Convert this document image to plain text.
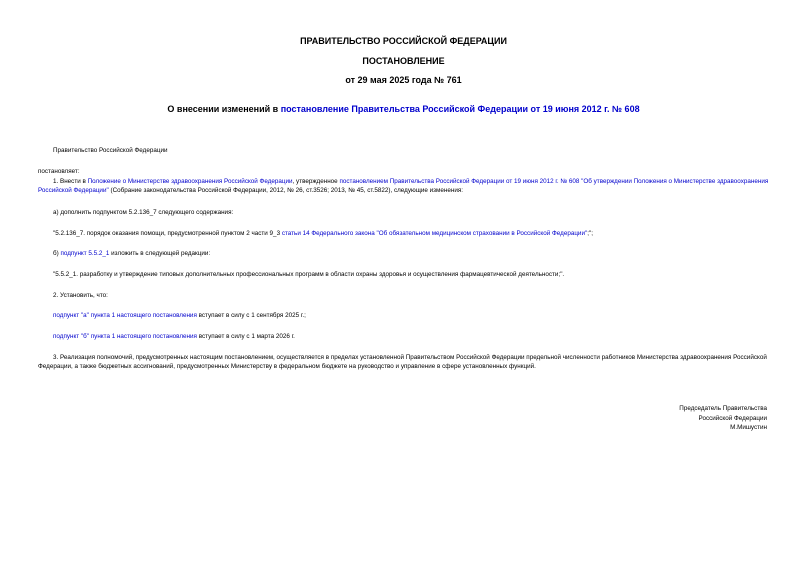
ПРАВИТЕЛЬСТВО РОССИЙСКОЙ ФЕДЕРАЦИИ
ПОСТАНОВЛЕНИЕ
от 29 мая 2025 года № 761
О внесении изменений в постановление Правительства Российской Федерации от 19 июня 2012 г. № 608
Правительство Российской Федерации
постановляет:
1. Внести в Положение о Министерстве здравоохранения Российской Федерации, утвержденное постановлением Правительства Российской Федерации от 19 июня 2012 г. № 608 "Об утверждении Положения о Министерстве здравоохранения Российской Федерации" (Собрание законодательства Российской Федерации, 2012, № 26, ст.3526; 2013, № 45, ст.5822), следующие изменения:
а) дополнить подпунктом 5.2.136_7 следующего содержания:
"5.2.136_7. порядок оказания помощи, предусмотренной пунктом 2 части 9_3 статьи 14 Федерального закона "Об обязательном медицинском страховании в Российской Федерации";";
б) подпункт 5.5.2_1 изложить в следующей редакции:
"5.5.2_1. разработку и утверждение типовых дополнительных профессиональных программ в области охраны здоровья и осуществления фармацевтической деятельности;".
2. Установить, что:
подпункт "а" пункта 1 настоящего постановления вступает в силу с 1 сентября 2025 г.;
подпункт "б" пункта 1 настоящего постановления вступает в силу с 1 марта 2026 г.
3. Реализация полномочий, предусмотренных настоящим постановлением, осуществляется в пределах установленной Правительством Российской Федерации предельной численности работников Министерства здравоохранения Российской Федерации, а также бюджетных ассигнований, предусмотренных Министерству в федеральном бюджете на руководство и управление в сфере установленных функций.
Председатель Правительства
Российской Федерации
М.Мишустин
